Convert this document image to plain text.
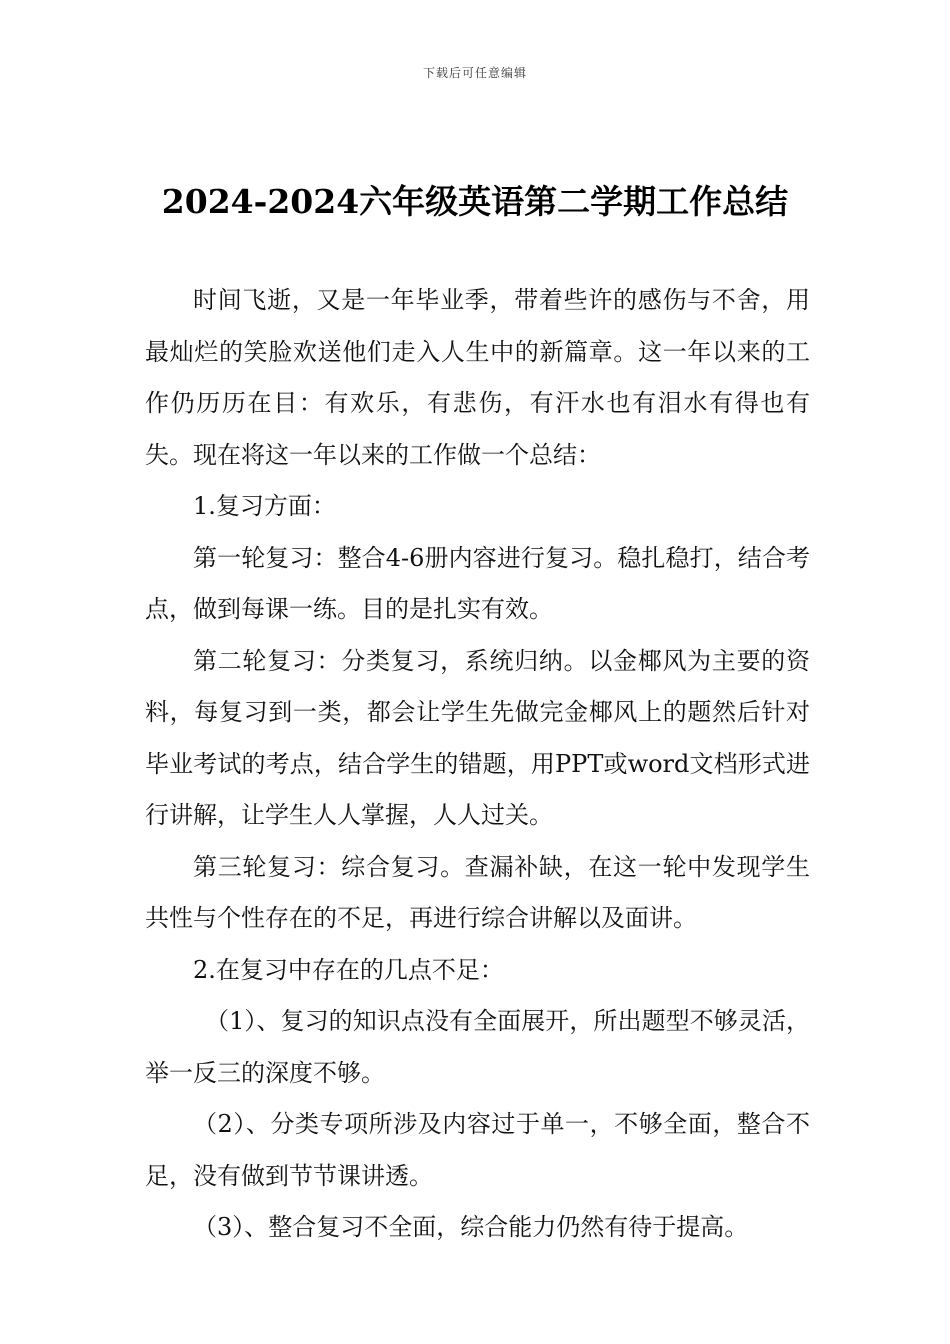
下载后可任意编辑
2024-2024六年级英语第二学期工作总结

时间飞逝，又是一年毕业季，带着些许的感伤与不舍，用最灿烂的笑脸欢送他们走入人生中的新篇章。这一年以来的工作仍历历在目：有欢乐，有悲伤，有汗水也有泪水有得也有失。现在将这一年以来的工作做一个总结：

1.复习方面：

第一轮复习：整合4-6册内容进行复习。稳扎稳打，结合考点，做到每课一练。目的是扎实有效。

第二轮复习：分类复习，系统归纳。以金椰风为主要的资料，每复习到一类，都会让学生先做完金椰风上的题然后针对毕业考试的考点，结合学生的错题，用PPT或word文档形式进行讲解，让学生人人掌握，人人过关。

第三轮复习：综合复习。查漏补缺，在这一轮中发现学生共性与个性存在的不足，再进行综合讲解以及面讲。

2.在复习中存在的几点不足：

（1）、复习的知识点没有全面展开，所出题型不够灵活， 举一反三的深度不够。

（2）、分类专项所涉及内容过于单一，不够全面，整合不足，没有做到节节课讲透。

（3）、整合复习不全面，综合能力仍然有待于提高。
